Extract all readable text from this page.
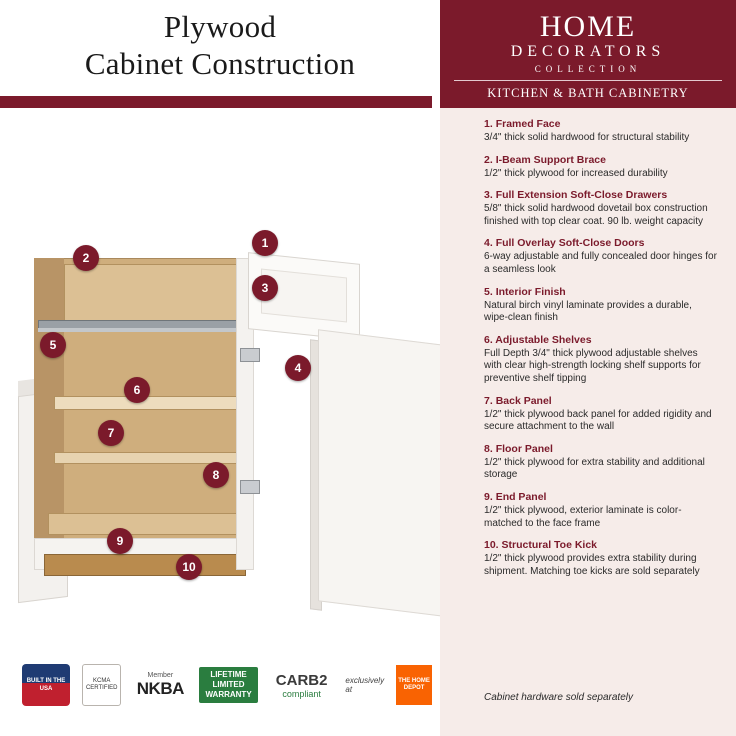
Plywood
Cabinet Construction
1
2
3
4
5
6
7
8
9
10
BUILT IN THE USA
KCMA CERTIFIED
Member
NKBA
LIFETIME
LIMITED
WARRANTY
CARB2
compliant
exclusively at
THE HOME DEPOT
HOME
DECORATORS
COLLECTION
KITCHEN & BATH CABINETRY
1. Framed Face
3/4" thick solid hardwood for structural stability
2. I-Beam Support Brace
1/2" thick plywood for increased durability
3. Full Extension Soft-Close Drawers
5/8" thick solid hardwood dovetail box construction finished with top clear coat. 90 lb. weight capacity
4. Full Overlay Soft-Close Doors
6-way adjustable and fully concealed door hinges for a seamless look
5. Interior Finish
Natural birch vinyl laminate provides a durable, wipe-clean finish
6. Adjustable Shelves
Full Depth 3/4" thick plywood adjustable shelves with clear high-strength locking shelf supports for preventive shelf tipping
7. Back Panel
1/2" thick plywood back panel for added rigidity and secure attachment to the wall
8. Floor Panel
1/2" thick plywood for extra stability and additional storage
9. End Panel
1/2" thick plywood, exterior laminate is color-matched to the face frame
10. Structural Toe Kick
1/2" thick plywood provides extra stability during shipment. Matching toe kicks are sold separately
Cabinet hardware sold separately
